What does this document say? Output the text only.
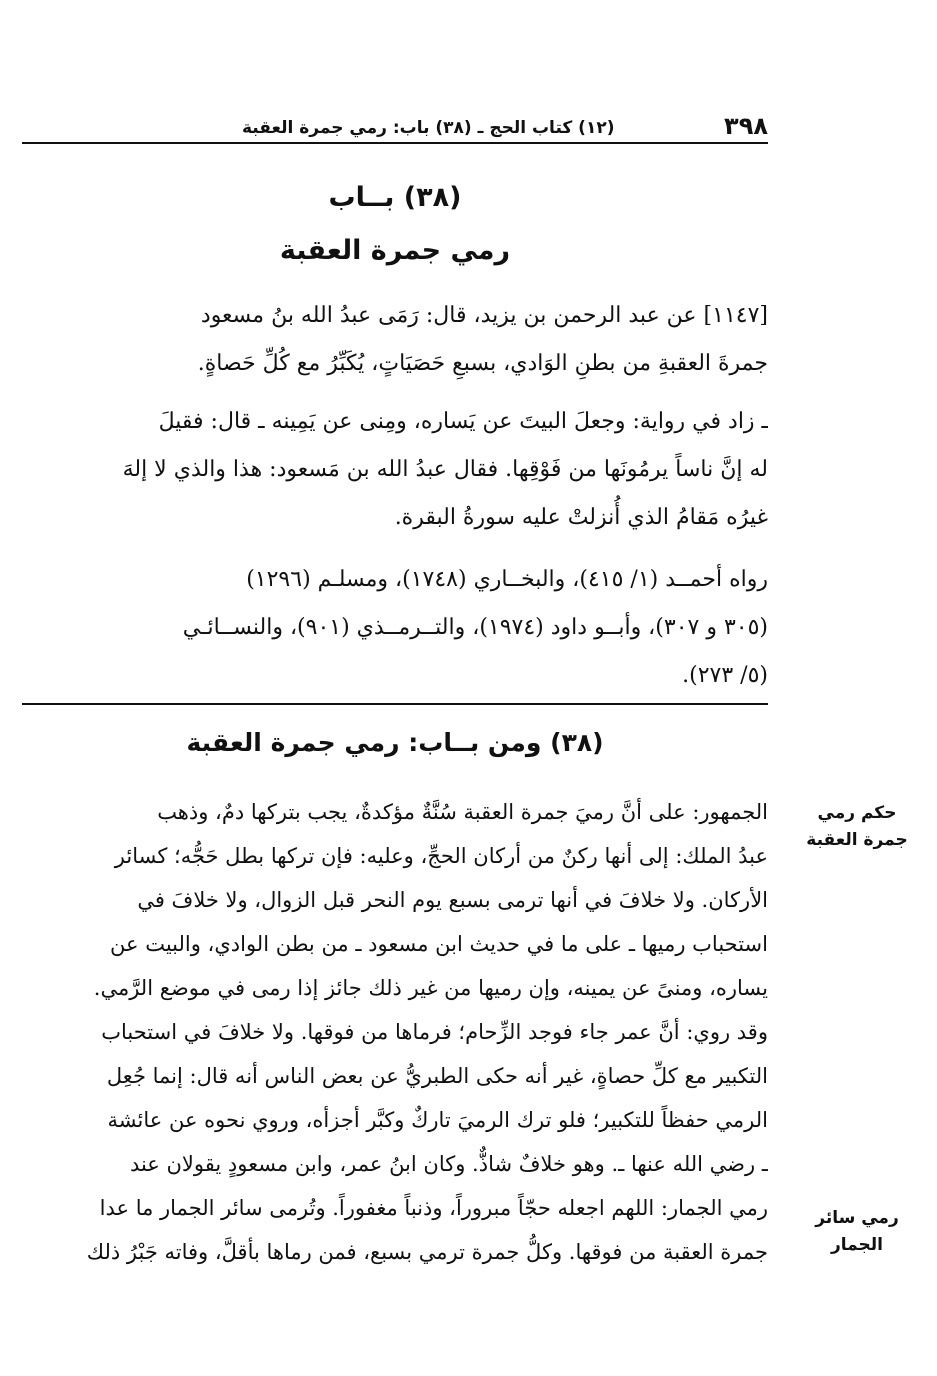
٣٩٨
(١٢) كتاب الحج ـ (٣٨) باب: رمي جمرة العقبة
(٣٨) بــاب
رمي جمرة العقبة
[١١٤٧] عن عبد الرحمن بن يزيد، قال: رَمَى عبدُ الله بنُ مسعود
جمرةَ العقبةِ من بطنِ الوَادي، بسبعِ حَصَيَاتٍ، يُكَبِّرُ مع كُلِّ حَصاةٍ.
ـ زاد في رواية: وجعلَ البيتَ عن يَساره، ومِنى عن يَمِينه ـ قال: فقيلَ
له إنَّ ناساً يرمُونَها من فَوْقِها. فقال عبدُ الله بن مَسعود: هذا والذي لا إلهَ
غيرُه مَقامُ الذي أُنزلتْ عليه سورةُ البقرة.
رواه أحمــد (١/ ٤١٥)، والبخــاري (١٧٤٨)، ومسلـم (١٢٩٦)
(٣٠٥ و ٣٠٧)، وأبــو داود (١٩٧٤)، والتــرمــذي (٩٠١)، والنســائـي
(٥/ ٢٧٣).
(٣٨) ومن بــاب: رمي جمرة العقبة
الجمهور: على أنَّ رميَ جمرة العقبة سُنَّةٌ مؤكدةٌ، يجب بتركها دمٌ، وذهب
عبدُ الملك: إلى أنها ركنٌ من أركان الحجِّ، وعليه: فإن تركها بطل حَجُّه؛ كسائر
الأركان. ولا خلافَ في أنها ترمى بسبع يوم النحر قبل الزوال، ولا خلافَ في
استحباب رميها ـ على ما في حديث ابن مسعود ـ من بطن الوادي، والبيت عن
يساره، ومنىً عن يمينه، وإن رميها من غير ذلك جائز إذا رمى في موضع الرَّمي.
وقد روي: أنَّ عمر جاء فوجد الزِّحام؛ فرماها من فوقها. ولا خلافَ في استحباب
التكبير مع كلِّ حصاةٍ، غير أنه حكى الطبريُّ عن بعض الناس أنه قال: إنما جُعِل
الرمي حفظاً للتكبير؛ فلو ترك الرميَ تاركٌ وكبَّر أجزأه، وروي نحوه عن عائشة
ـ رضي الله عنها ـ. وهو خلافٌ شاذٌّ. وكان ابنُ عمر، وابن مسعودٍ يقولان عند
رمي الجمار: اللهم اجعله حجّاً مبروراً، وذنباً مغفوراً. وتُرمى سائر الجمار ما عدا
جمرة العقبة من فوقها. وكلُّ جمرة ترمي بسبع، فمن رماها بأقلَّ، وفاته جَبْرُ ذلك
حكم رمي
جمرة العقبة
رمي سائر
الجمار
